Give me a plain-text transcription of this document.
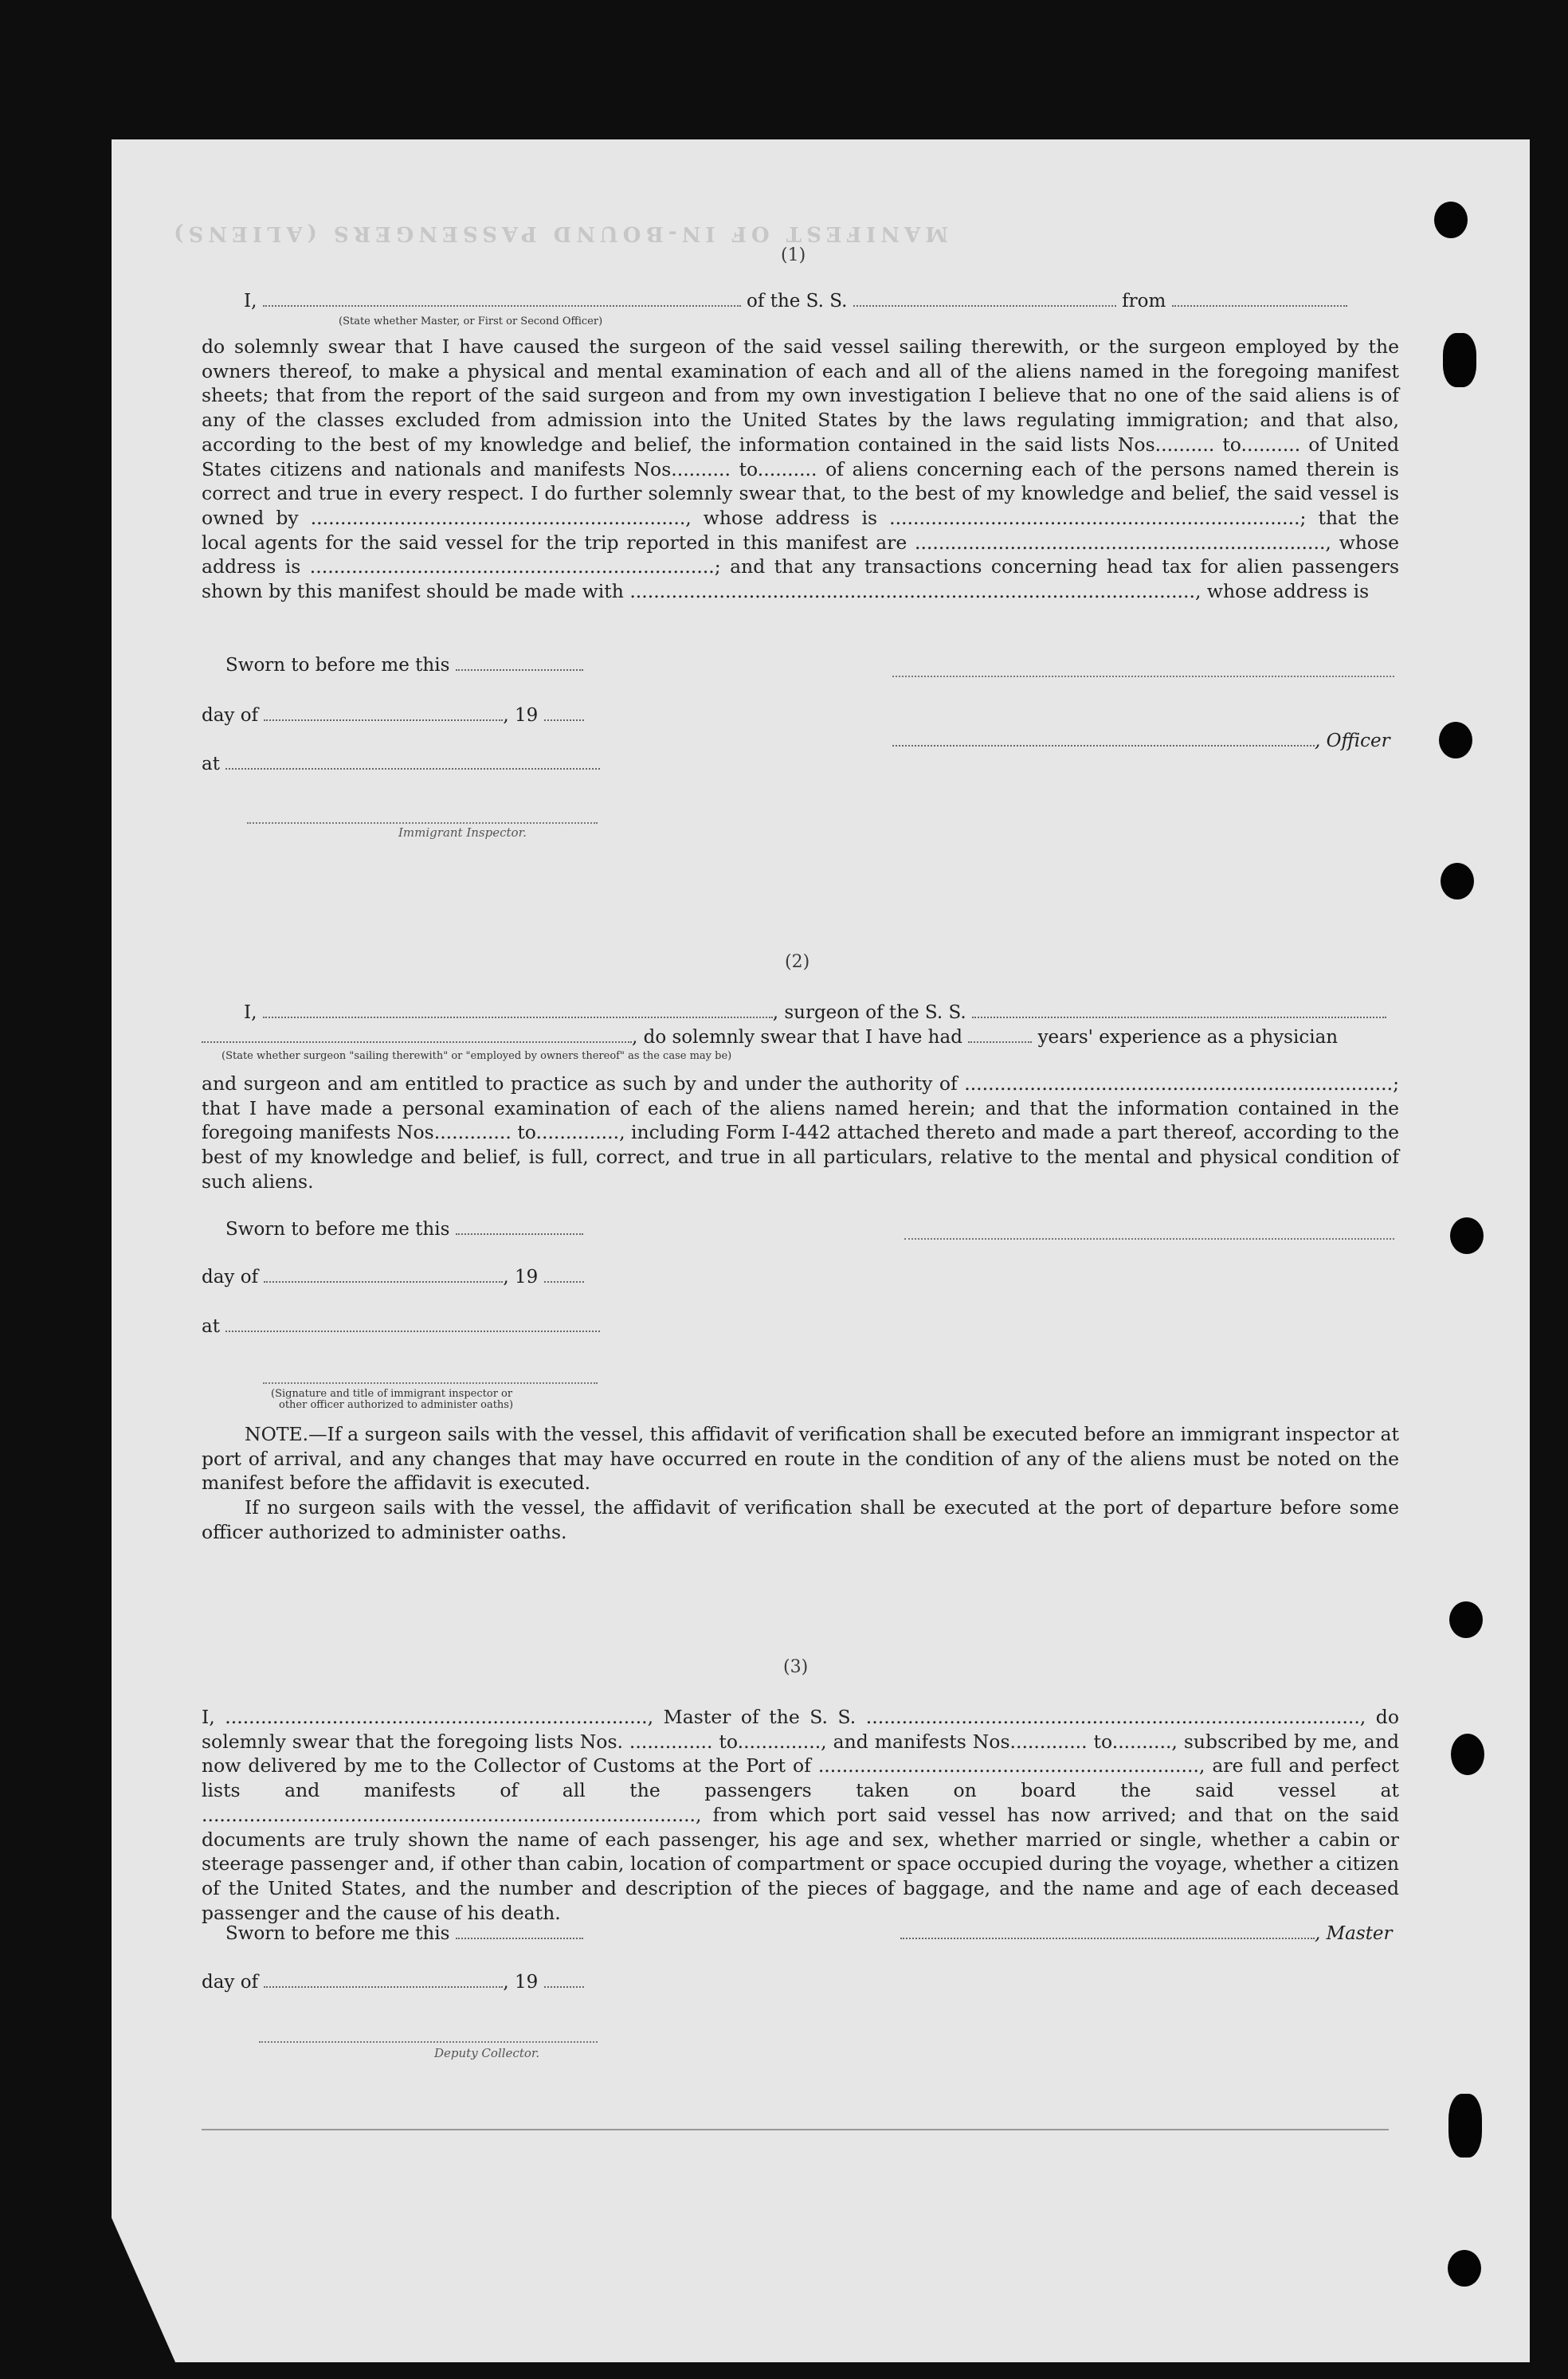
MANIFEST OF IN-BOUND PASSENGERS (ALIENS)
(1)
I,	of the S. S.	from
(State whether Master, or First or Second Officer)
do solemnly swear that I have caused the surgeon of the said vessel sailing therewith, or the surgeon employed by the owners thereof, to make a physical and mental examination of each and all of the aliens named in the foregoing manifest sheets; that from the report of the said surgeon and from my own investigation I believe that no one of the said aliens is of any of the classes excluded from admission into the United States by the laws regulating immigration; and that also, according to the best of my knowledge and belief, the information contained in the said lists Nos.......... to.......... of United States citizens and nationals and manifests Nos.......... to.......... of aliens concerning each of the persons named therein is correct and true in every respect. I do further solemnly swear that, to the best of my knowledge and belief, the said vessel is owned by ..............................................................., whose address is .....................................................................; that the local agents for the said vessel for the trip reported in this manifest are ....................................................................., whose address is ....................................................................; and that any transactions concerning head tax for alien passengers shown by this manifest should be made with ..............................................................................................., whose address is
Sworn to before me this
day of	, 19
, Officer
at
Immigrant Inspector.
(2)
I,	, surgeon of the S. S.
, do solemnly swear that I have had	years' experience as a physician
(State whether surgeon "sailing therewith" or "employed by owners thereof" as the case may be)
and surgeon and am entitled to practice as such by and under the authority of ........................................................................; that I have made a personal examination of each of the aliens named herein; and that the information contained in the foregoing manifests Nos............. to.............., including Form I-442 attached thereto and made a part thereof, according to the best of my knowledge and belief, is full, correct, and true in all particulars, relative to the mental and physical condition of such aliens.
Sworn to before me this
day of	, 19
at
(Signature and title of immigrant inspector or
other officer authorized to administer oaths)
NOTE.—If a surgeon sails with the vessel, this affidavit of verification shall be executed before an immigrant inspector at port of arrival, and any changes that may have occurred en route in the condition of any of the aliens must be noted on the manifest before the affidavit is executed.
If no surgeon sails with the vessel, the affidavit of verification shall be executed at the port of departure before some officer authorized to administer oaths.
(3)
I, ......................................................................., Master of the S. S. ..................................................................................., do solemnly swear that the foregoing lists Nos. .............. to.............., and manifests Nos............. to.........., subscribed by me, and now delivered by me to the Collector of Customs at the Port of ................................................................, are full and perfect lists and manifests of all the passengers taken on board the said vessel at ..................................................................................., from which port said vessel has now arrived; and that on the said documents are truly shown the name of each passenger, his age and sex, whether married or single, whether a cabin or steerage passenger and, if other than cabin, location of compartment or space occupied during the voyage, whether a citizen of the United States, and the number and description of the pieces of baggage, and the name and age of each deceased passenger and the cause of his death.
Sworn to before me this	, Master
day of	, 19
Deputy Collector.
